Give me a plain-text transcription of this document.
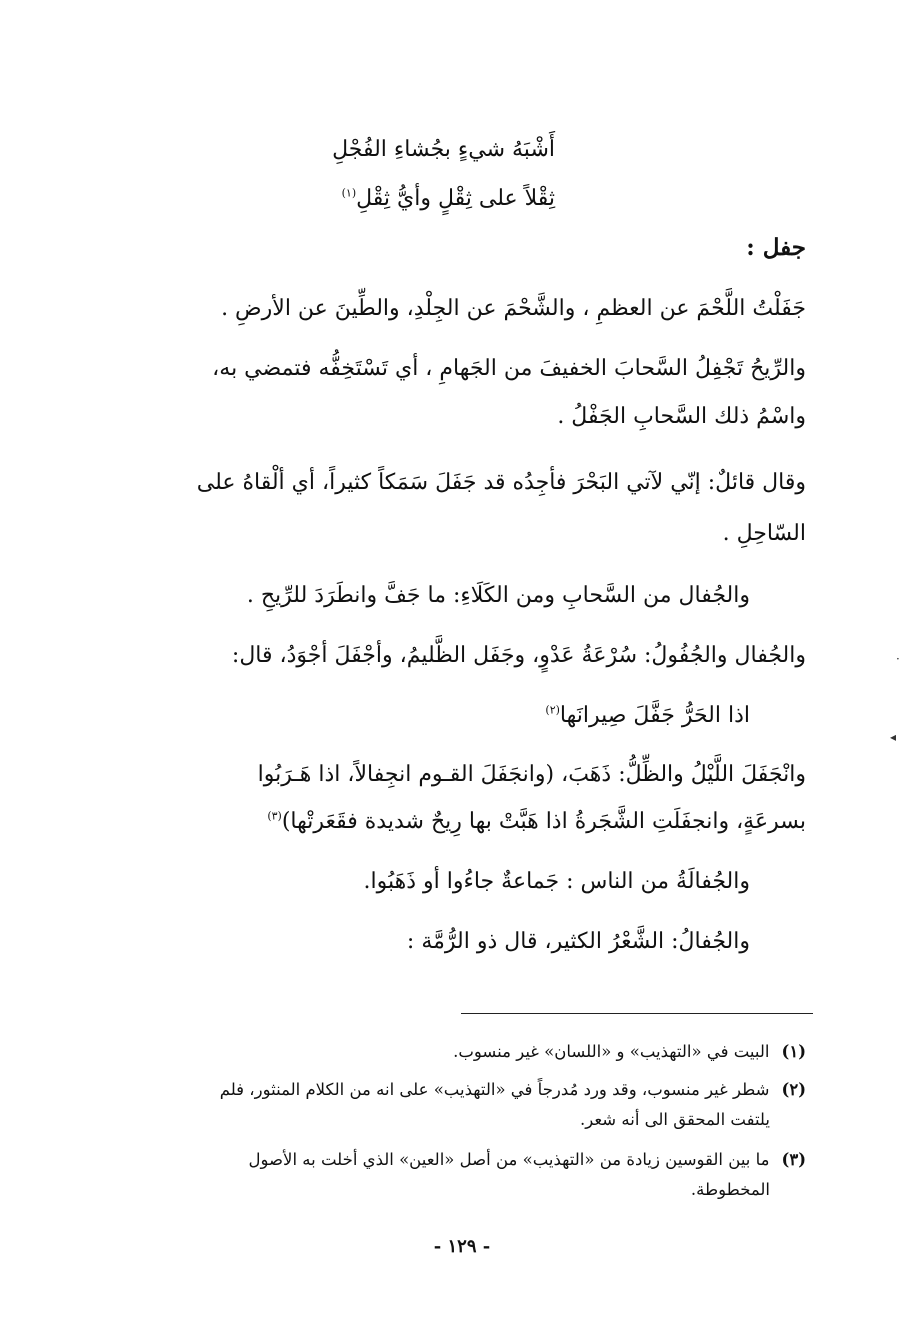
أَشْبَهُ شيءٍ بجُشاءِ الفُجْلِ
ثِقْلاً على ثِقْلٍ وأيُّ ثِقْلِ$^{(١)}$
جفل :
جَفَلْتُ اللَّحْمَ عن العظمِ ، والشَّحْمَ عن الجِلْدِ، والطِّينَ عن الأرضِ .
والرِّيحُ تَجْفِلُ السَّحابَ الخفيفَ من الجَهامِ ، أي تَسْتَخِفُّه فتمضي به،
واسْمُ ذلك السَّحابِ الجَفْلُ .
وقال قائلٌ: إنّي لآتي البَحْرَ فأجِدُه قد جَفَلَ سَمَكاً كثيراً، أي ألْقاهُ على
السّاحِلِ .
والجُفال من السَّحابِ ومن الكَلَاءِ: ما جَفَّ وانطَرَدَ للرِّيحِ .
والجُفال والجُفُولُ: سُرْعَةُ عَدْوٍ، وجَفَل الظَّليمُ، وأجْفَلَ أجْوَدُ، قال:
اذا الحَرُّ جَفَّلَ صِيرانَها$^{(٢)}$
وانْجَفَلَ اللَّيْلُ والظِّلُّ: ذَهَبَ، (وانجَفَلَ القـوم انجِفالاً، اذا هَـرَبُوا
بسرعَةٍ، وانجفَلَتِ الشَّجَرةُ اذا هَبَّتْ بها رِيحٌ شديدة فقَعَرتْها)$^{(٣)}$
والجُفالَةُ من الناس : جَماعةٌ جاءُوا أو ذَهَبُوا.
والجُفالُ: الشَّعْرُ الكثير، قال ذو الرُّمَّة :
(١)البيت في «التهذيب» و «اللسان» غير منسوب.
(٢)شطر غير منسوب، وقد ورد مُدرجاً في «التهذيب» على انه من الكلام المنثور، فلم
يلتفت المحقق الى أنه شعر.
(٣)ما بين القوسين زيادة من «التهذيب» من أصل «العين» الذي أخلت به الأصول
المخطوطة.
- ١٢٩ -
·
◂
